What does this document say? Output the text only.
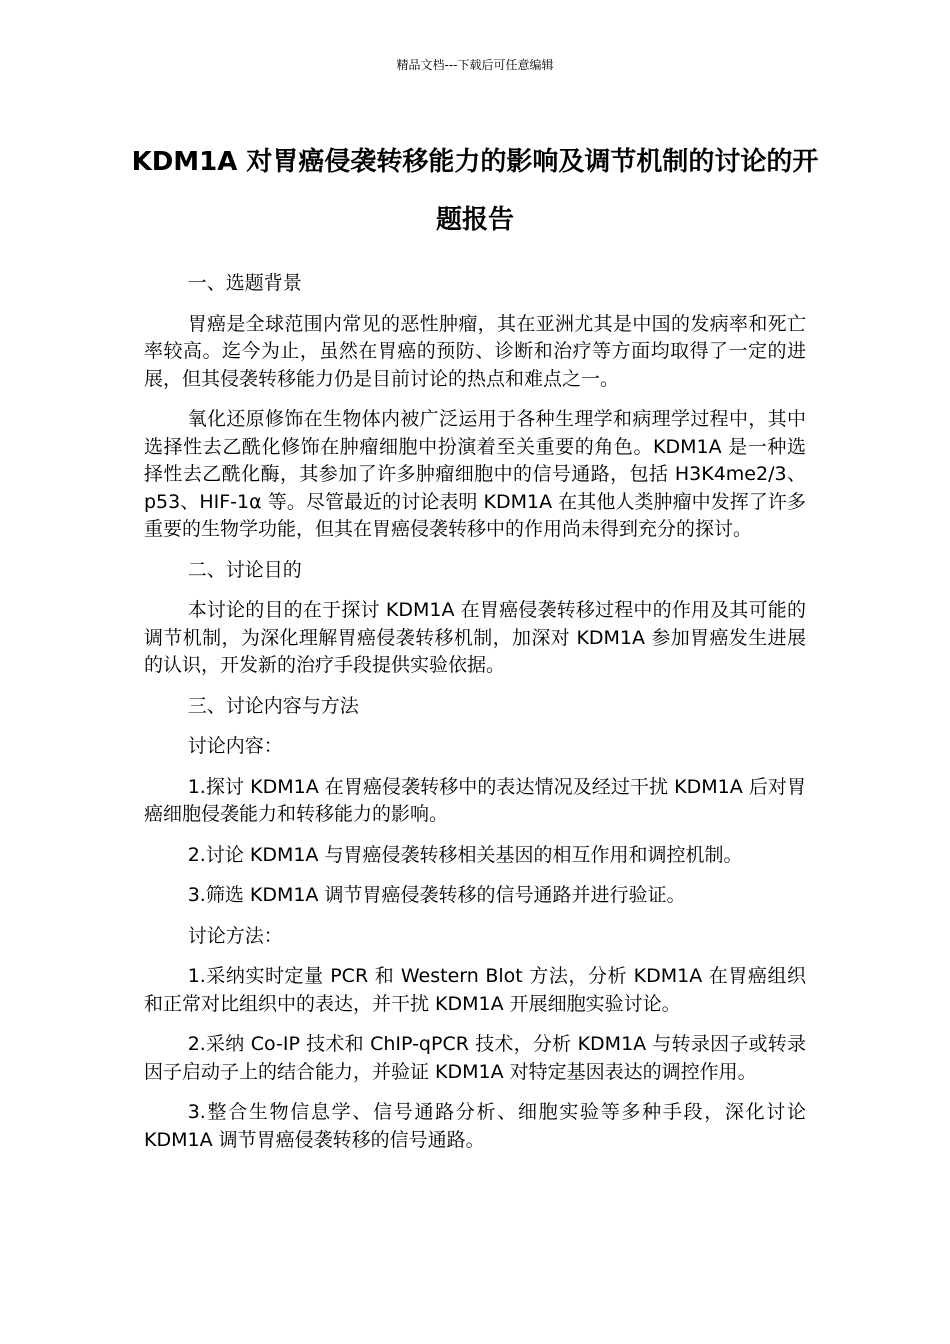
精品文档---下载后可任意编辑
KDM1A 对胃癌侵袭转移能力的影响及调节机制的讨论的开题报告

一、选题背景

胃癌是全球范围内常见的恶性肿瘤，其在亚洲尤其是中国的发病率和死亡率较高。迄今为止，虽然在胃癌的预防、诊断和治疗等方面均取得了一定的进展，但其侵袭转移能力仍是目前讨论的热点和难点之一。

氧化还原修饰在生物体内被广泛运用于各种生理学和病理学过程中，其中选择性去乙酰化修饰在肿瘤细胞中扮演着至关重要的角色。KDM1A 是一种选择性去乙酰化酶，其参加了许多肿瘤细胞中的信号通路，包括 H3K4me2/3、p53、HIF-1α 等。尽管最近的讨论表明 KDM1A 在其他人类肿瘤中发挥了许多重要的生物学功能，但其在胃癌侵袭转移中的作用尚未得到充分的探讨。

二、讨论目的

本讨论的目的在于探讨 KDM1A 在胃癌侵袭转移过程中的作用及其可能的调节机制，为深化理解胃癌侵袭转移机制，加深对 KDM1A 参加胃癌发生进展的认识，开发新的治疗手段提供实验依据。

三、讨论内容与方法

讨论内容：

1.探讨 KDM1A 在胃癌侵袭转移中的表达情况及经过干扰 KDM1A 后对胃癌细胞侵袭能力和转移能力的影响。

2.讨论 KDM1A 与胃癌侵袭转移相关基因的相互作用和调控机制。

3.筛选 KDM1A 调节胃癌侵袭转移的信号通路并进行验证。

讨论方法：

1.采纳实时定量 PCR 和 Western Blot 方法，分析 KDM1A 在胃癌组织和正常对比组织中的表达，并干扰 KDM1A 开展细胞实验讨论。

2.采纳 Co-IP 技术和 ChIP-qPCR 技术，分析 KDM1A 与转录因子或转录因子启动子上的结合能力，并验证 KDM1A 对特定基因表达的调控作用。

3.整合生物信息学、信号通路分析、细胞实验等多种手段，深化讨论 KDM1A 调节胃癌侵袭转移的信号通路。
